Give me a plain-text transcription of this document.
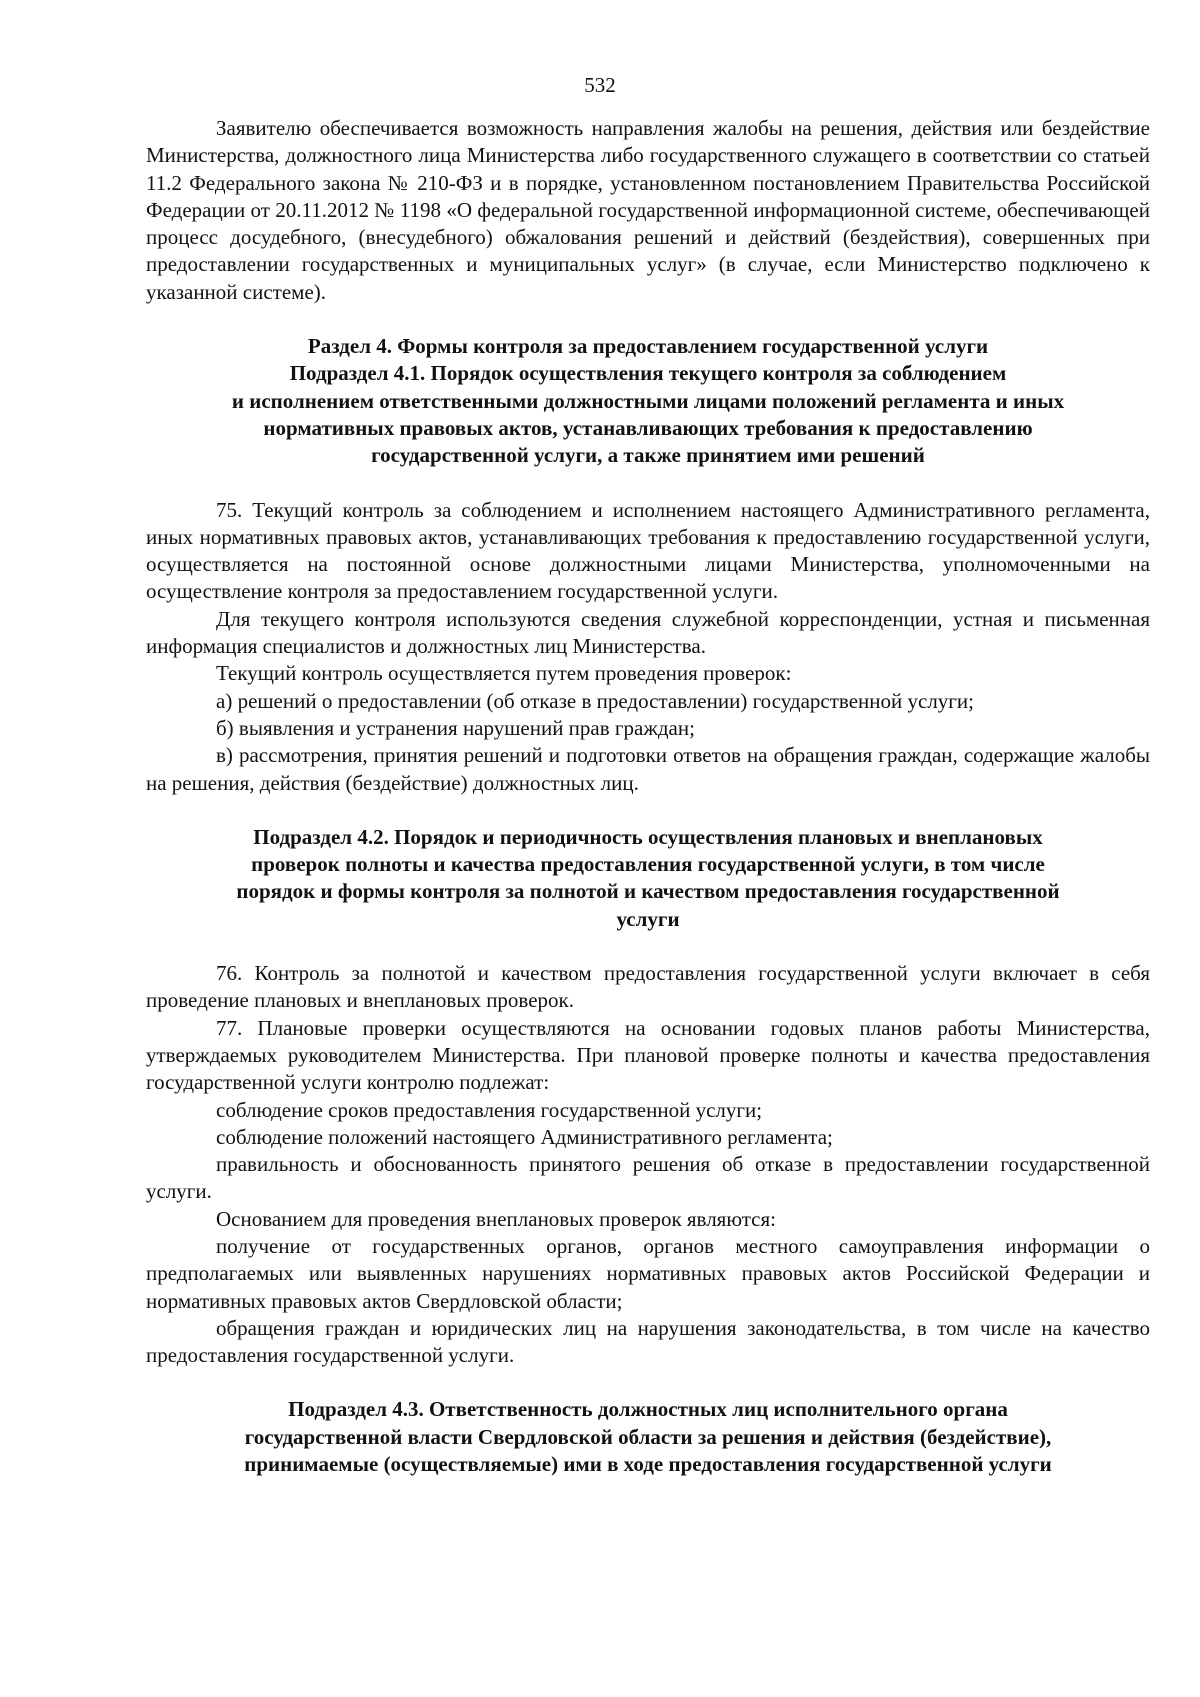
532

Заявителю обеспечивается возможность направления жалобы на решения, действия или бездействие Министерства, должностного лица Министерства либо государственного служащего в соответствии со статьей 11.2 Федерального закона № 210-ФЗ и в порядке, установленном постановлением Правительства Российской Федерации от 20.11.2012 № 1198 «О федеральной государственной информационной системе, обеспечивающей процесс досудебного, (внесудебного) обжалования решений и действий (бездействия), совершенных при предоставлении государственных и муниципальных услуг» (в случае, если Министерство подключено к указанной системе).

Раздел 4. Формы контроля за предоставлением государственной услуги
Подраздел 4.1. Порядок осуществления текущего контроля за соблюдением
и исполнением ответственными должностными лицами положений регламента и иных
нормативных правовых актов, устанавливающих требования к предоставлению
государственной услуги, а также принятием ими решений

75. Текущий контроль за соблюдением и исполнением настоящего Административного регламента, иных нормативных правовых актов, устанавливающих требования к предоставлению государственной услуги, осуществляется на постоянной основе должностными лицами Министерства, уполномоченными на осуществление контроля за предоставлением государственной услуги.

Для текущего контроля используются сведения служебной корреспонденции, устная и письменная информация специалистов и должностных лиц Министерства.

Текущий контроль осуществляется путем проведения проверок:

а) решений о предоставлении (об отказе в предоставлении) государственной услуги;

б) выявления и устранения нарушений прав граждан;

в) рассмотрения, принятия решений и подготовки ответов на обращения граждан, содержащие жалобы на решения, действия (бездействие) должностных лиц.

Подраздел 4.2. Порядок и периодичность осуществления плановых и внеплановых
проверок полноты и качества предоставления государственной услуги, в том числе
порядок и формы контроля за полнотой и качеством предоставления государственной
услуги

76. Контроль за полнотой и качеством предоставления государственной услуги включает в себя проведение плановых и внеплановых проверок.

77. Плановые проверки осуществляются на основании годовых планов работы Министерства, утверждаемых руководителем Министерства. При плановой проверке полноты и качества предоставления государственной услуги контролю подлежат:

соблюдение сроков предоставления государственной услуги;

соблюдение положений настоящего Административного регламента;

правильность и обоснованность принятого решения об отказе в предоставлении государственной услуги.

Основанием для проведения внеплановых проверок являются:

получение от государственных органов, органов местного самоуправления информации о предполагаемых или выявленных нарушениях нормативных правовых актов Российской Федерации и нормативных правовых актов Свердловской области;

обращения граждан и юридических лиц на нарушения законодательства, в том числе на качество предоставления государственной услуги.

Подраздел 4.3. Ответственность должностных лиц исполнительного органа
государственной власти Свердловской области за решения и действия (бездействие),
принимаемые (осуществляемые) ими в ходе предоставления государственной услуги
